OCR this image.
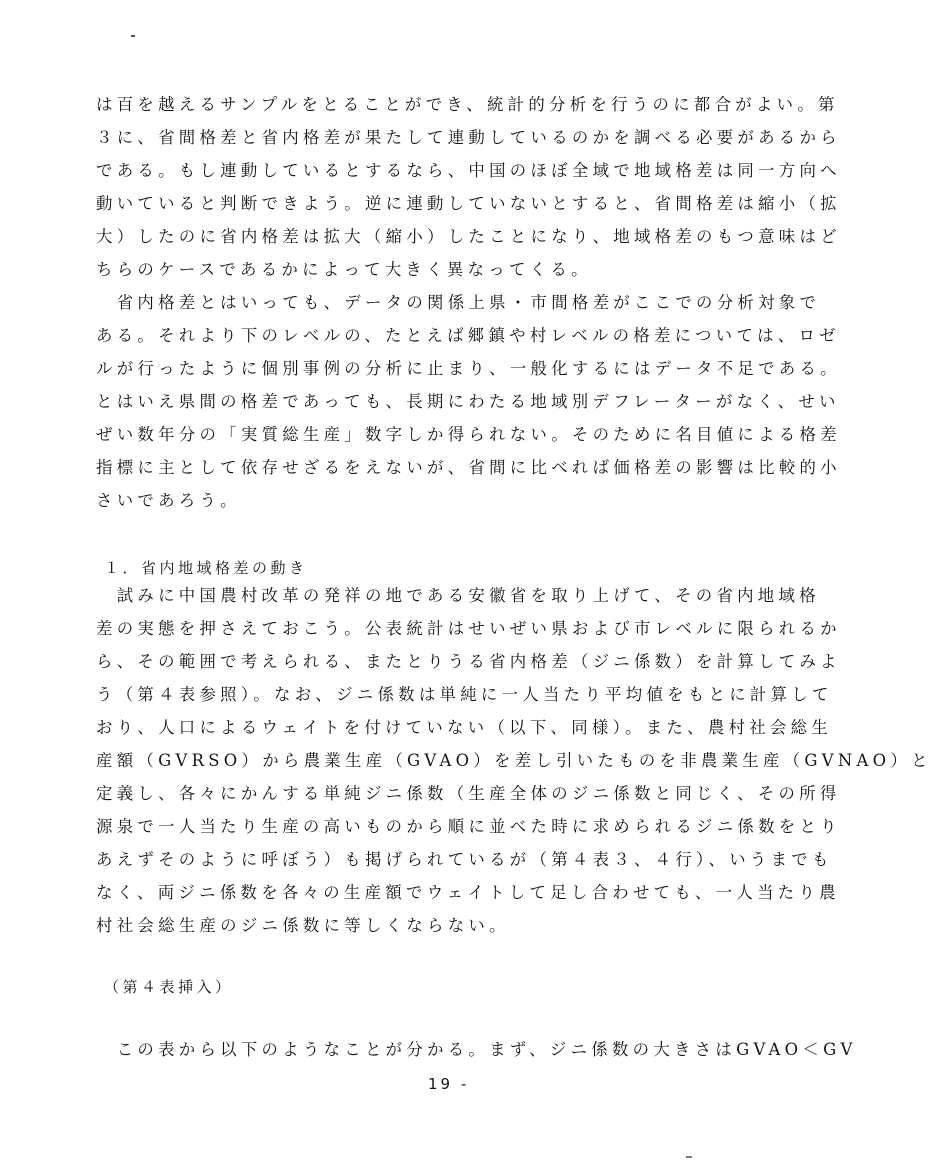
は百を越えるサンプルをとることができ、統計的分析を行うのに都合がよい。第
３に、省間格差と省内格差が果たして連動しているのかを調べる必要があるから
である。もし連動しているとするなら、中国のほぼ全域で地域格差は同一方向へ
動いていると判断できよう。逆に連動していないとすると、省間格差は縮小（拡
大）したのに省内格差は拡大（縮小）したことになり、地域格差のもつ意味はど
ちらのケースであるかによって大きく異なってくる。
　省内格差とはいっても、データの関係上県・市間格差がここでの分析対象で
ある。それより下のレベルの、たとえば郷鎮や村レベルの格差については、ロゼ
ルが行ったように個別事例の分析に止まり、一般化するにはデータ不足である。
とはいえ県間の格差であっても、長期にわたる地域別デフレーターがなく、せい
ぜい数年分の「実質総生産」数字しか得られない。そのために名目値による格差
指標に主として依存せざるをえないが、省間に比べれば価格差の影響は比較的小
さいであろう。
１．省内地域格差の動き
　試みに中国農村改革の発祥の地である安徽省を取り上げて、その省内地域格
差の実態を押さえておこう。公表統計はせいぜい県および市レベルに限られるか
ら、その範囲で考えられる、またとりうる省内格差（ジニ係数）を計算してみよ
う（第４表参照）。なお、ジニ係数は単純に一人当たり平均値をもとに計算して
おり、人口によるウェイトを付けていない（以下、同様）。また、農村社会総生
産額（GVRSO）から農業生産（GVAO）を差し引いたものを非農業生産（GVNAO）と
定義し、各々にかんする単純ジニ係数（生産全体のジニ係数と同じく、その所得
源泉で一人当たり生産の高いものから順に並べた時に求められるジニ係数をとり
あえずそのように呼ぼう）も掲げられているが（第４表３、４行）、いうまでも
なく、両ジニ係数を各々の生産額でウェイトして足し合わせても、一人当たり農
村社会総生産のジニ係数に等しくならない。
（第４表挿入）
　この表から以下のようなことが分かる。まず、ジニ係数の大きさはGVAO＜GV
19 -
